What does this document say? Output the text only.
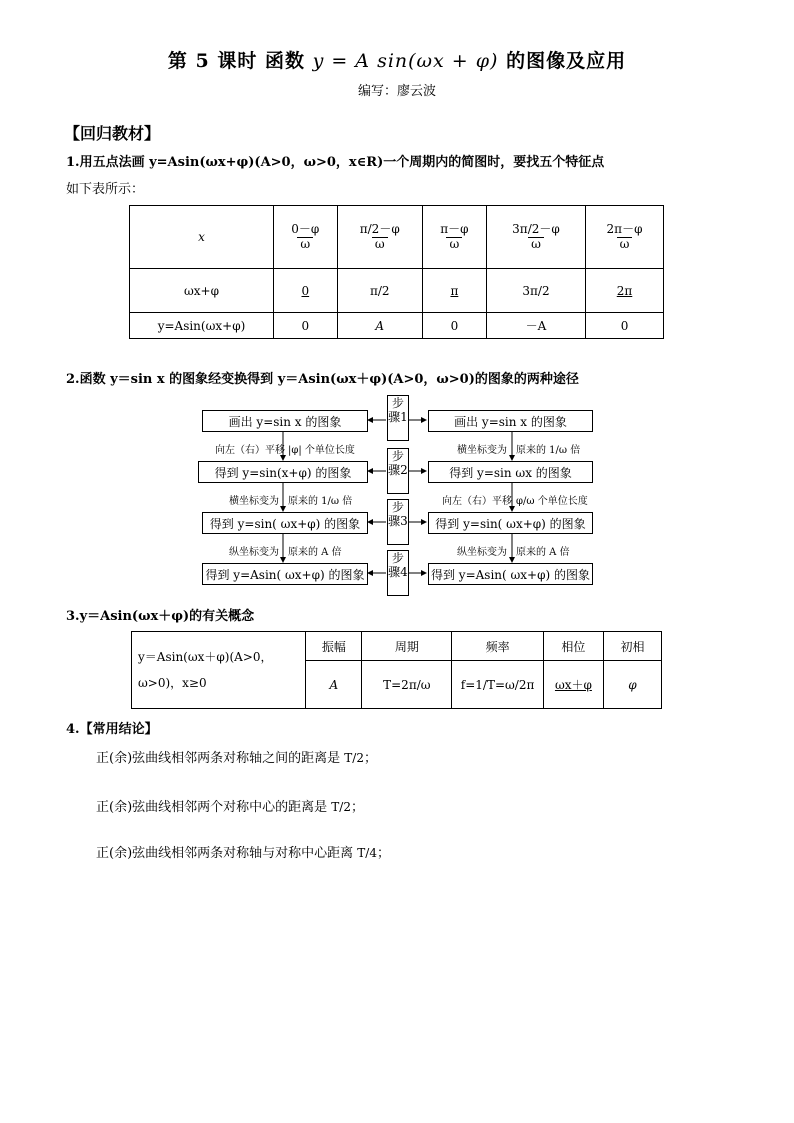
第 5 课时 函数 y = A sin(ωx + φ) 的图像及应用
编写：廖云波
【回归教材】
1.用五点法画 y=Asin(ωx+φ)(A>0，ω>0，x∈R)一个周期内的简图时，要找五个特征点
如下表所示：
x	$\frac{0-\varphi}{\omega}$	$\frac{\pi/2-\varphi}{\omega}$	$\frac{\pi-\varphi}{\omega}$	$\frac{3\pi/2-\varphi}{\omega}$	$\frac{2\pi-\varphi}{\omega}$

ωx+φ	0	π/2	π	3π/2	2π
y=Asin(ωx+φ)	0	A	0	－A	0
2.函数 y＝sin x 的图象经变换得到 y＝Asin(ωx＋φ)(A>0，ω>0)的图象的两种途径
画出 y=sin x 的图象
得到 y=sin(x+φ) 的图象
得到 y=sin( ωx+φ) 的图象
得到 y=Asin( ωx+φ) 的图象
画出 y=sin x 的图象
得到 y=sin ωx 的图象
得到 y=sin( ωx+φ) 的图象
得到 y=Asin( ωx+φ) 的图象
步骤1
步骤2
步骤3
步骤4
向左（右）平移 |φ| 个单位长度
横坐标变为 原来的 1/ω 倍
纵坐标变为 原来的 A 倍
横坐标变为 原来的 1/ω 倍
向左（右）平移 φ/ω 个单位长度
纵坐标变为 原来的 A 倍
3.y＝Asin(ωx＋φ)的有关概念
y＝Asin(ωx＋φ)(A>0，
ω>0)，x≥0	振幅	周期	频率	相位	初相
	A	T=2π/ω	f=1/T=ω/2π	ωx＋φ	φ
4.【常用结论】
正(余)弦曲线相邻两条对称轴之间的距离是 T/2；
正(余)弦曲线相邻两个对称中心的距离是 T/2；
正(余)弦曲线相邻两条对称轴与对称中心距离 T/4；
